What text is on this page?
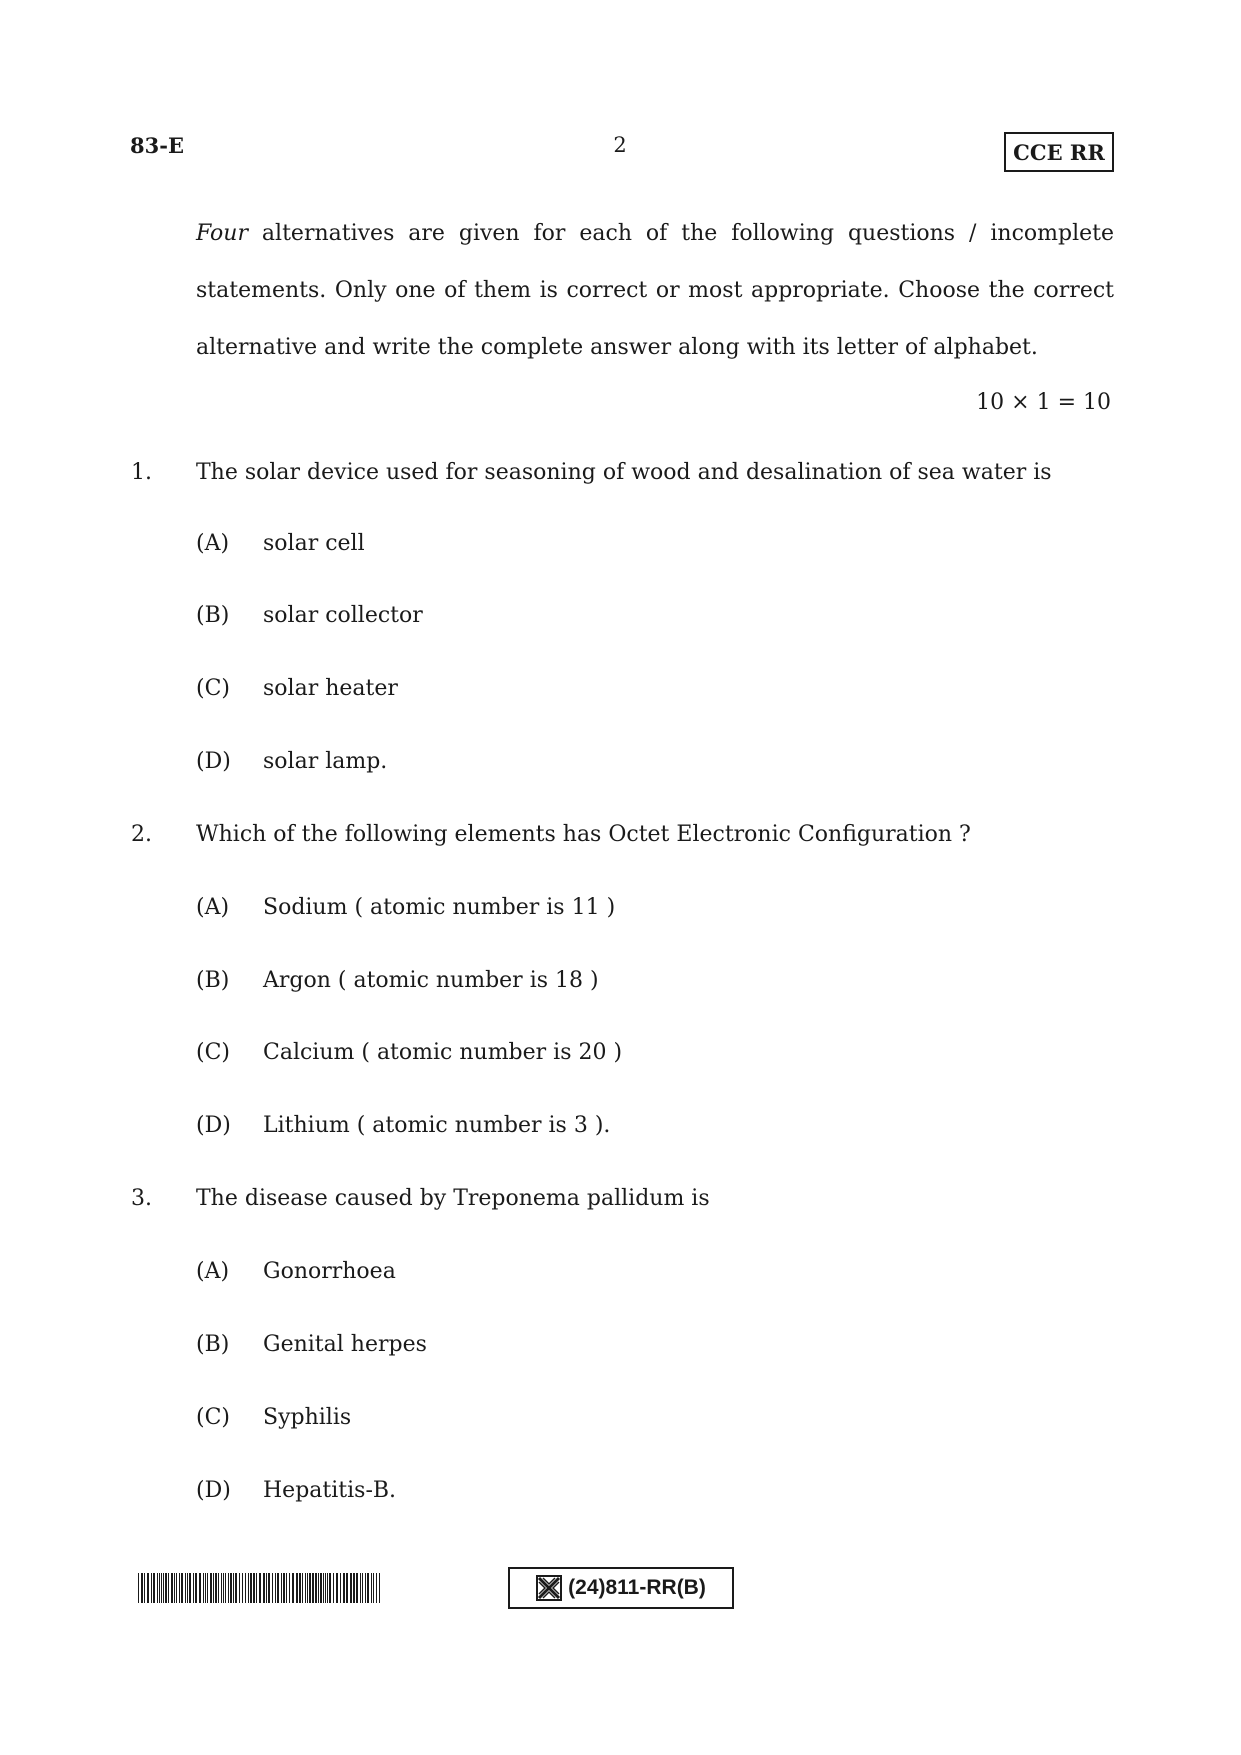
83-E	2	CCE RR

Four alternatives are given for each of the following questions / incomplete statements. Only one of them is correct or most appropriate. Choose the correct alternative and write the complete answer along with its letter of alphabet.

10 × 1 = 10
1. The solar device used for seasoning of wood and desalination of sea water is
(A) solar cell
(B) solar collector
(C) solar heater
(D) solar lamp.
2. Which of the following elements has Octet Electronic Configuration ?
(A) Sodium ( atomic number is 11 )
(B) Argon ( atomic number is 18 )
(C) Calcium ( atomic number is 20 )
(D) Lithium ( atomic number is 3 ).
3. The disease caused by Treponema pallidum is
(A) Gonorrhoea
(B) Genital herpes
(C) Syphilis
(D) Hepatitis-B.
(24)811-RR(B)
